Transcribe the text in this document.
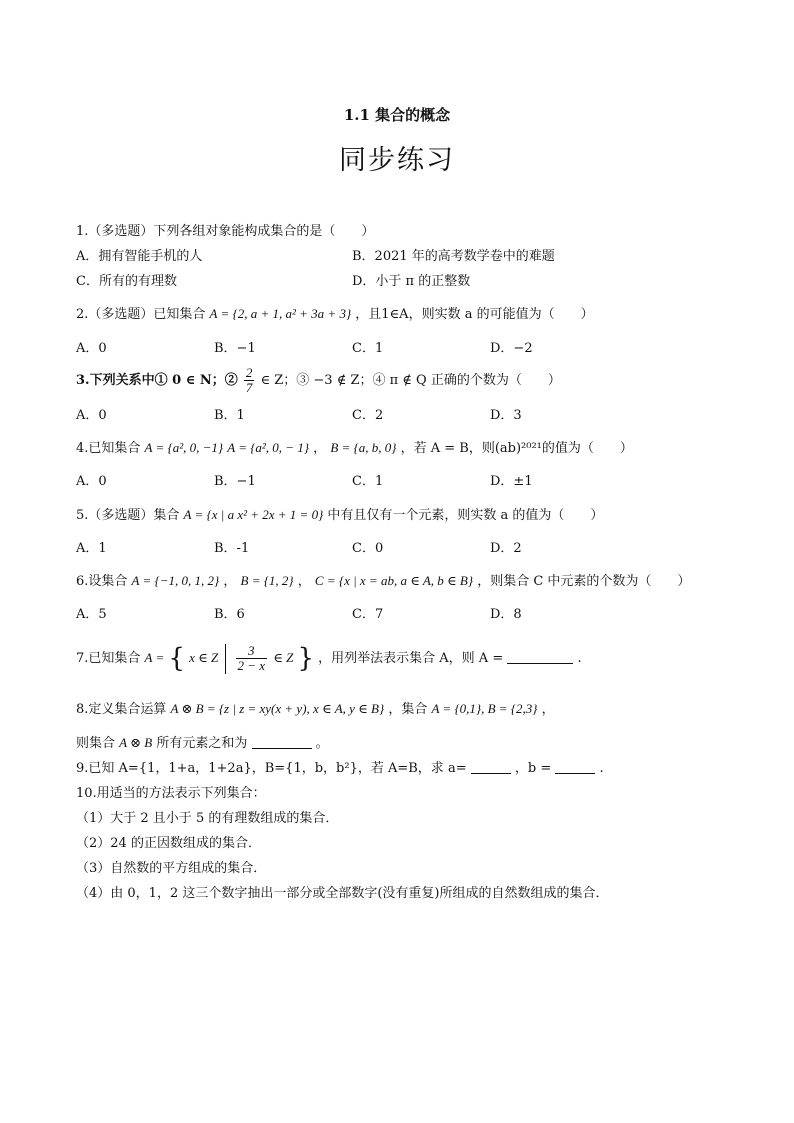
1.1 集合的概念
同步练习
1.（多选题）下列各组对象能构成集合的是（　　）
A．拥有智能手机的人	B．2021 年的高考数学卷中的难题
C．所有的有理数	D．小于 π 的正整数
2.（多选题）已知集合 A = {2, a + 1, a² + 3a + 3} ，且1∈A，则实数 a 的可能值为（　　）
A．0	B．−1	C．1	D．−2
3.下列关系中① 0 ∈ N；② $\frac{2}{7}$ ∈ Z；③ −3 ∉ Z；④ π ∉ Q 正确的个数为（　　）
A．0	B．1	C．2	D．3
4.已知集合 A = {a², 0, −1} A = {a², 0, − 1} ， B = {a, b, 0} ，若 A = B，则(ab)²⁰²¹的值为（　　）
A．0	B．−1	C．1	D．±1
5.（多选题）集合 A = {x | a x² + 2x + 1 = 0} 中有且仅有一个元素，则实数 a 的值为（　　）
A．1	B．-1	C．0	D．2
6.设集合 A = {−1, 0, 1, 2} ， B = {1, 2} ， C = {x | x = ab, a ∈ A, b ∈ B} ，则集合 C 中元素的个数为（　　）
A．5	B．6	C．7	D．8
7.已知集合 A = { x ∈ Z $\frac{3}{2 - x}$ ∈ Z } ，用列举法表示集合 A，则 A =	.
8.定义集合运算 A ⊗ B = {z | z = xy(x + y), x ∈ A, y ∈ B} ，集合 A = {0,1}, B = {2,3} ，
则集合 A ⊗ B 所有元素之和为	。
9.已知 A={1，1+a，1+2a}，B={1，b，b²}，若 A=B，求 a=	，b =	.
10.用适当的方法表示下列集合：
（1）大于 2 且小于 5 的有理数组成的集合．
（2）24 的正因数组成的集合．
（3）自然数的平方组成的集合．
（4）由 0，1，2 这三个数字抽出一部分或全部数字(没有重复)所组成的自然数组成的集合．
